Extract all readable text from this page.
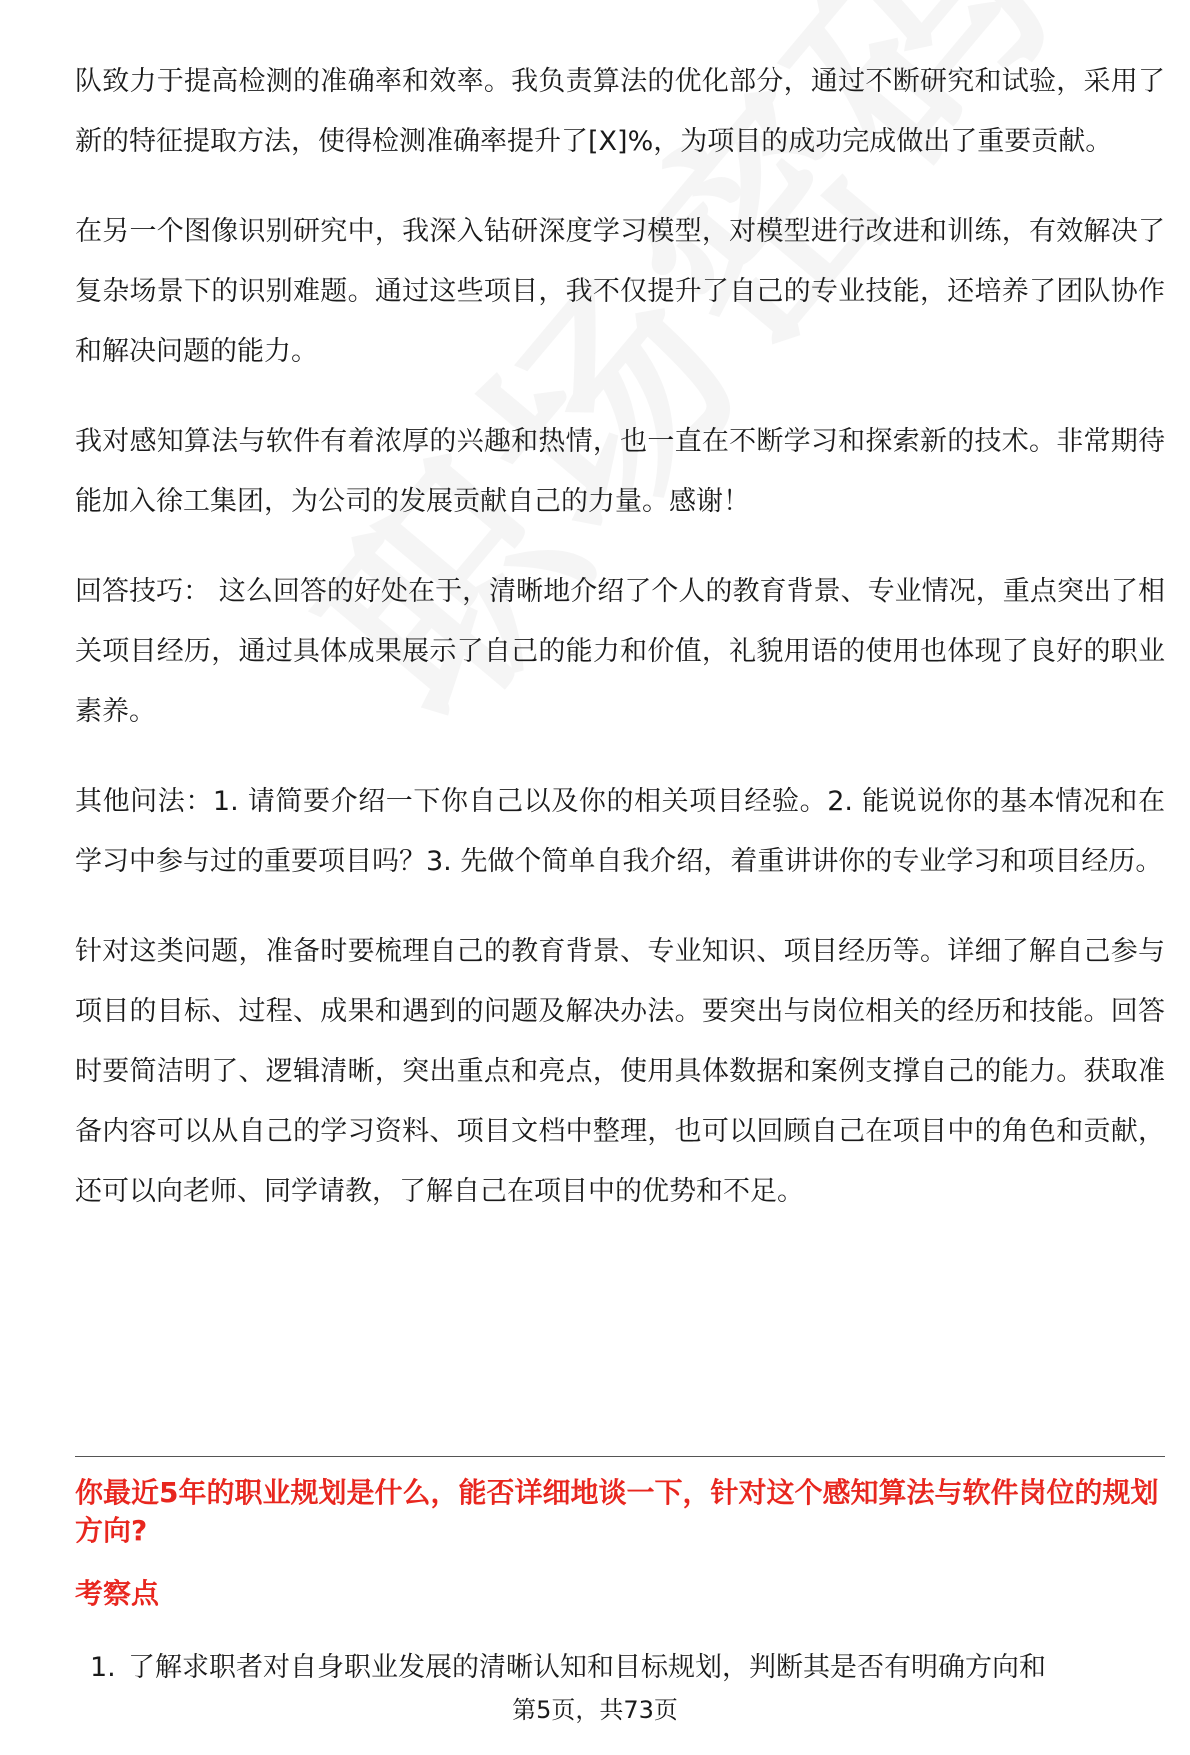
队致力于提高检测的准确率和效率。我负责算法的优化部分，通过不断研究和试验，采用了新的特征提取方法，使得检测准确率提升了[X]%，为项目的成功完成做出了重要贡献。

在另一个图像识别研究中，我深入钻研深度学习模型，对模型进行改进和训练，有效解决了复杂场景下的识别难题。通过这些项目，我不仅提升了自己的专业技能，还培养了团队协作和解决问题的能力。

我对感知算法与软件有着浓厚的兴趣和热情，也一直在不断学习和探索新的技术。非常期待能加入徐工集团，为公司的发展贡献自己的力量。感谢！

回答技巧： 这么回答的好处在于，清晰地介绍了个人的教育背景、专业情况，重点突出了相关项目经历，通过具体成果展示了自己的能力和价值，礼貌用语的使用也体现了良好的职业素养。

其他问法：1. 请简要介绍一下你自己以及你的相关项目经验。2. 能说说你的基本情况和在学习中参与过的重要项目吗？3. 先做个简单自我介绍，着重讲讲你的专业学习和项目经历。

针对这类问题，准备时要梳理自己的教育背景、专业知识、项目经历等。详细了解自己参与项目的目标、过程、成果和遇到的问题及解决办法。要突出与岗位相关的经历和技能。回答时要简洁明了、逻辑清晰，突出重点和亮点，使用具体数据和案例支撑自己的能力。获取准备内容可以从自己的学习资料、项目文档中整理，也可以回顾自己在项目中的角色和贡献，还可以向老师、同学请教，了解自己在项目中的优势和不足。

你最近5年的职业规划是什么，能否详细地谈一下，针对这个感知算法与软件岗位的规划方向?
考察点
1. 了解求职者对自身职业发展的清晰认知和目标规划，判断其是否有明确方向和
第5页，共73页
